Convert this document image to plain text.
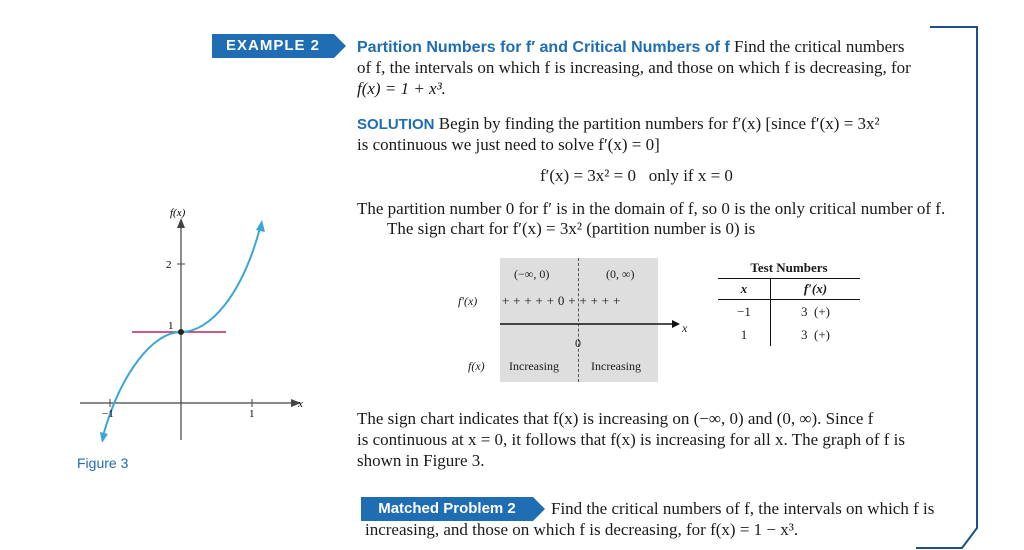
EXAMPLE 2	Partition Numbers for f′ and Critical Numbers of f Find the critical numbers
of f, the intervals on which f is increasing, and those on which f is decreasing, for
f(x) = 1 + x³.
SOLUTION Begin by finding the partition numbers for f′(x) [since f′(x) = 3x²
is continuous we just need to solve f′(x) = 0]
f′(x) = 3x² = 0   only if x = 0
The partition number 0 for f′ is in the domain of f, so 0 is the only critical number of f.
The sign chart for f′(x) = 3x² (partition number is 0) is
(−∞, 0)	(0, ∞)
f′(x) + + + + + 0 + + + + +
x
0
f(x) Increasing	Increasing
Test Numbers
x	f′(x)
−1	3  (+)
1	3  (+)
f(x)
x
2
1
−1	1
Figure 3
The sign chart indicates that f(x) is increasing on (−∞, 0) and (0, ∞). Since f
is continuous at x = 0, it follows that f(x) is increasing for all x. The graph of f is
shown in Figure 3.
Matched Problem 2	Find the critical numbers of f, the intervals on which f is
increasing, and those on which f is decreasing, for f(x) = 1 − x³.
